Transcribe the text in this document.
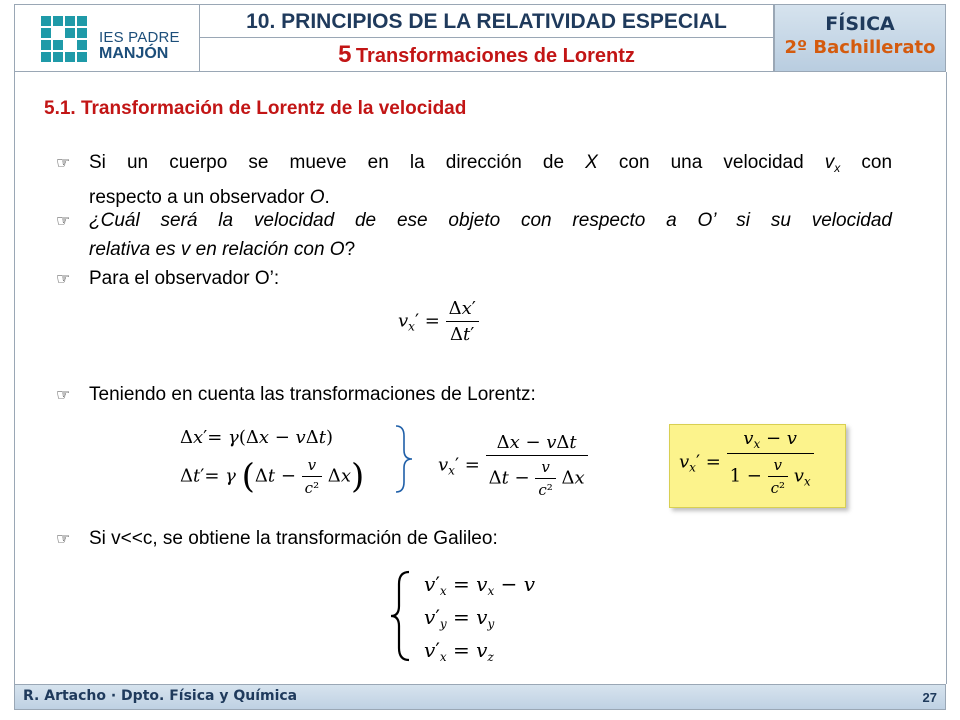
IES PADRE
MANJÓN
10. PRINCIPIOS DE LA RELATIVIDAD ESPECIAL
5 Transformaciones de Lorentz
FÍSICA
2º Bachillerato
5.1. Transformación de Lorentz de la velocidad
☞ Si un cuerpo se mueve en la dirección de X con una velocidad $v_x$ con
respecto a un observador O.
☞ ¿Cuál será la velocidad de ese objeto con respecto a O’ si su velocidad
relativa es v en relación con O?
☞ Para el observador O’:
$v_x' = \frac{\Delta x'}{\Delta t'}$
☞ Teniendo en cuenta las transformaciones de Lorentz:
Δx′= γ(Δx − vΔt)
Δt′= γ $(\Delta t - \frac{v}{\text{c²}} \Delta x)$	$v_x' = \frac{\text{Δx − vΔt}}{\Delta t - \frac{v}{\text{c²}} \Delta x}$	$v_x' = \frac{v_x - v}{1 - \frac{v}{\text{c²}} v_x}$
☞ Si v<<c, se obtiene la transformación de Galileo:
$v'_x = v_x - v$
$v'_y = v_y$
$v'_x = v_z$
R. Artacho · Dpto. Física y Química	27
